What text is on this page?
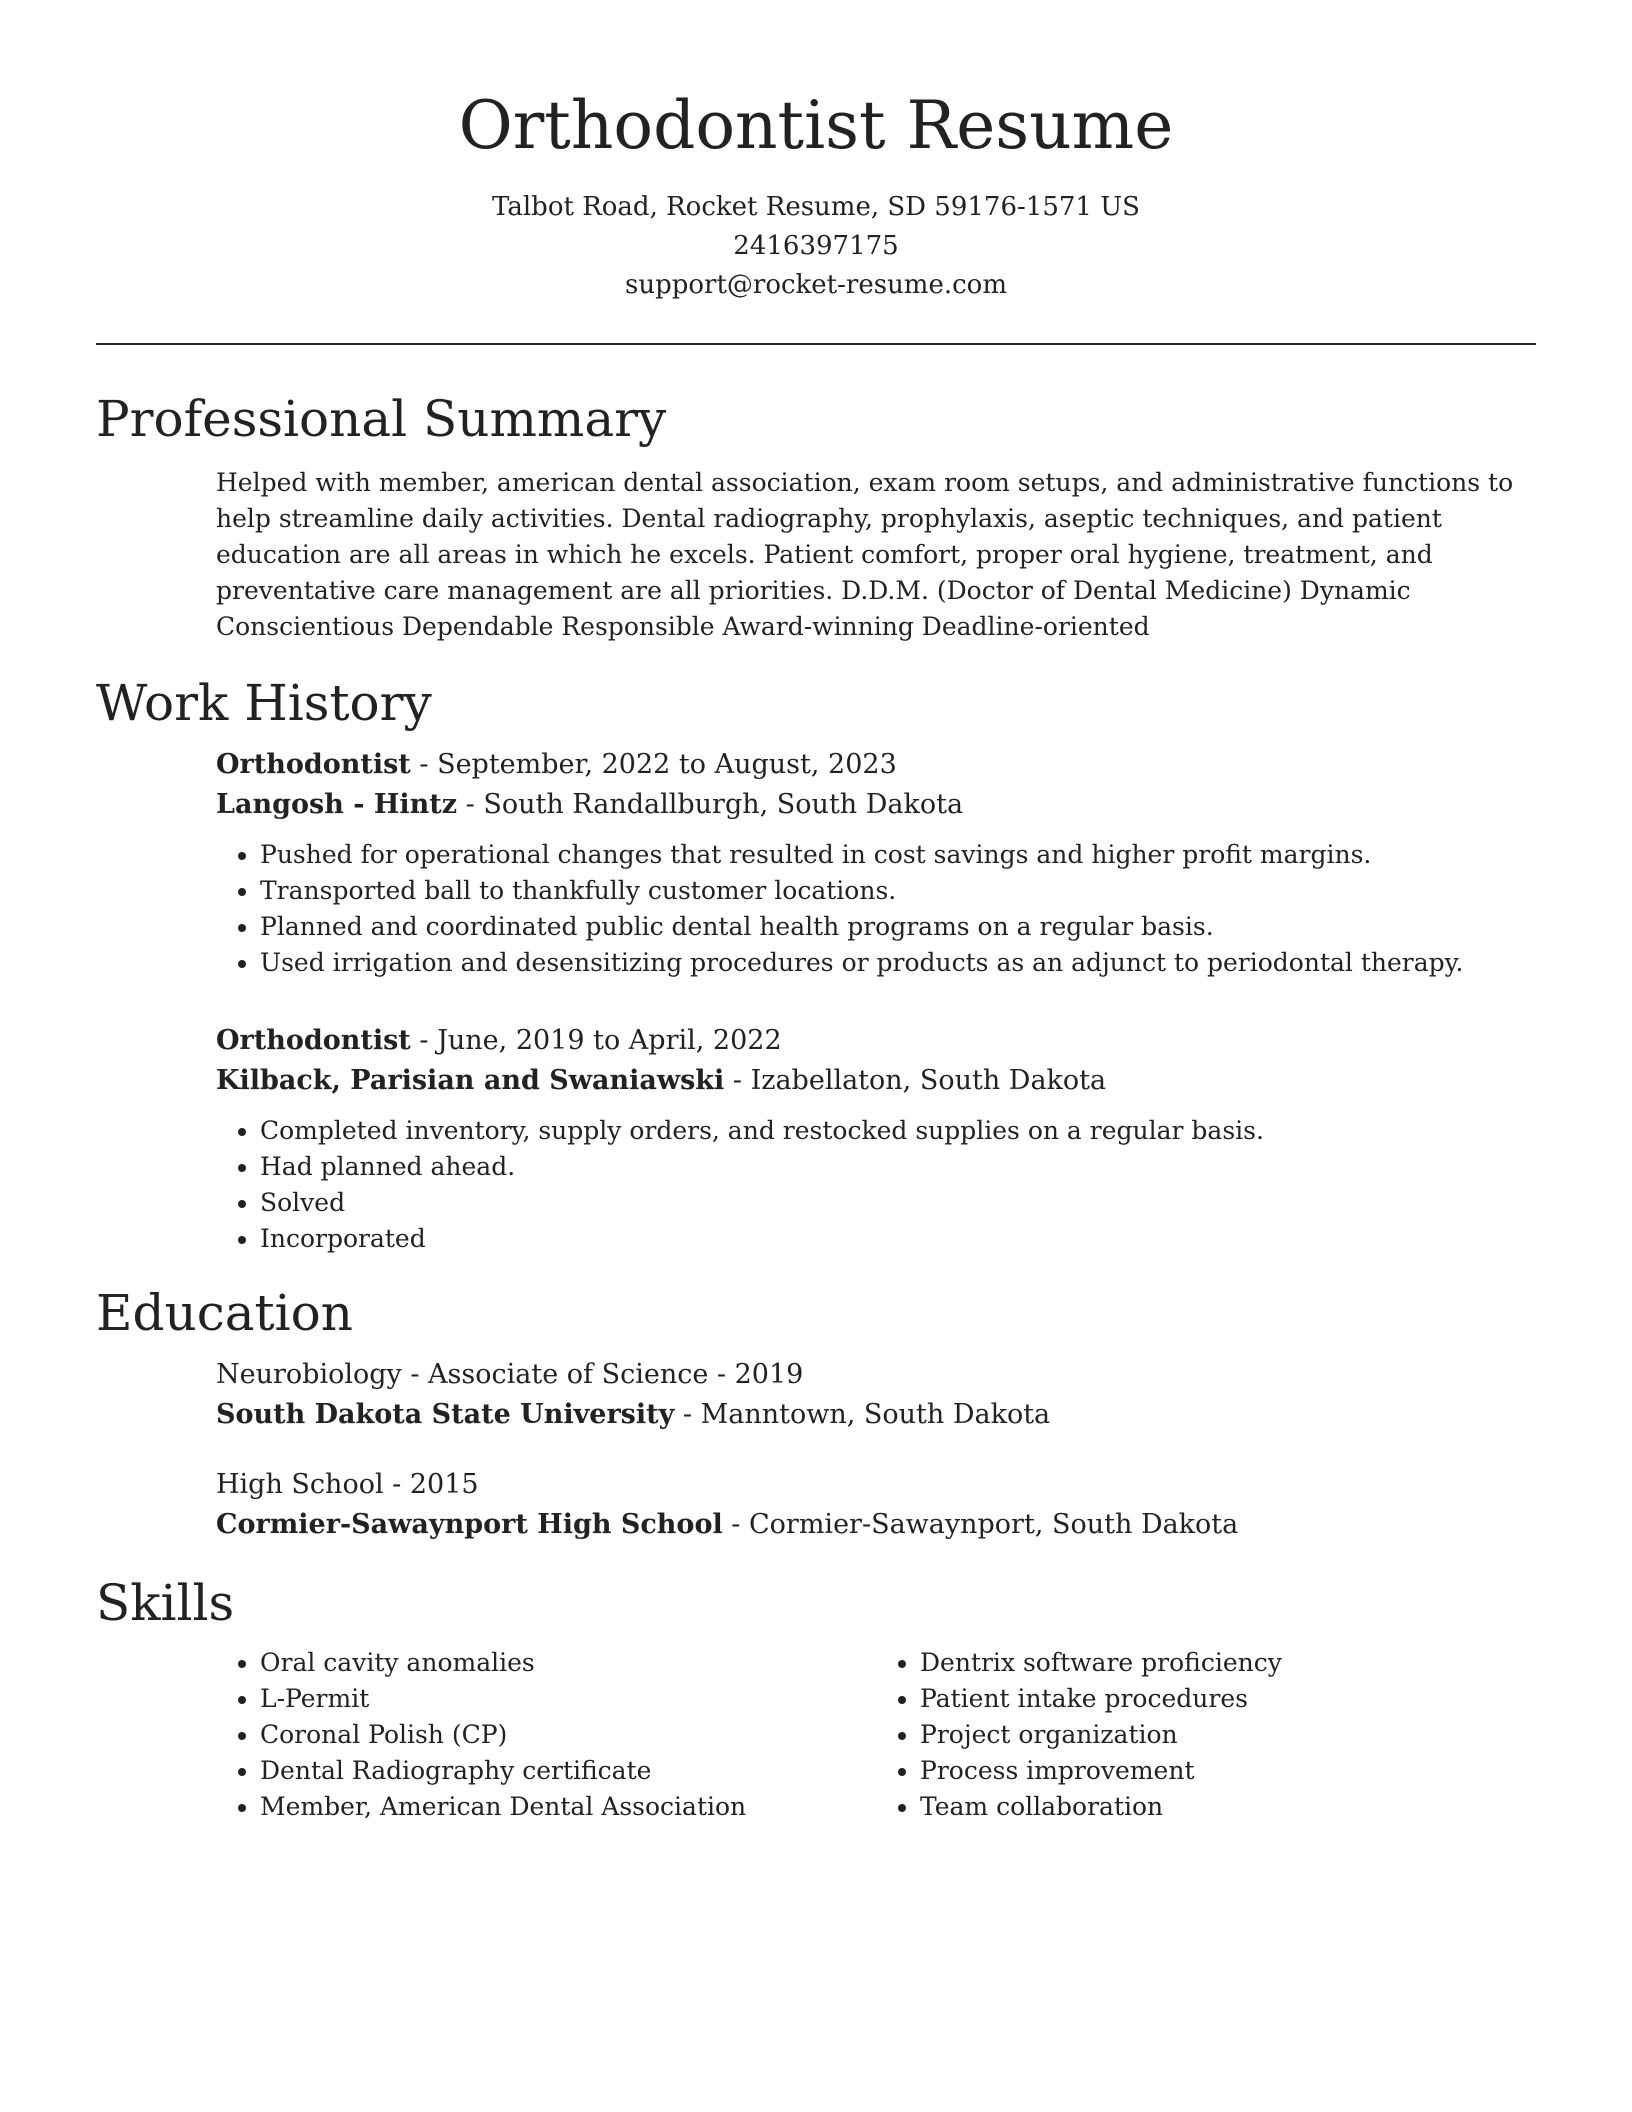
Orthodontist Resume
Talbot Road, Rocket Resume, SD 59176-1571 US
2416397175
support@rocket-resume.com
Professional Summary
Helped with member, american dental association, exam room setups, and administrative functions to help streamline daily activities. Dental radiography, prophylaxis, aseptic techniques, and patient education are all areas in which he excels. Patient comfort, proper oral hygiene, treatment, and preventative care management are all priorities. D.D.M. (Doctor of Dental Medicine) Dynamic Conscientious Dependable Responsible Award-winning Deadline-oriented
Work History
Orthodontist - September, 2022 to August, 2023
Langosh - Hintz - South Randallburgh, South Dakota
• Pushed for operational changes that resulted in cost savings and higher profit margins.
• Transported ball to thankfully customer locations.
• Planned and coordinated public dental health programs on a regular basis.
• Used irrigation and desensitizing procedures or products as an adjunct to periodontal therapy.
Orthodontist - June, 2019 to April, 2022
Kilback, Parisian and Swaniawski - Izabellaton, South Dakota
• Completed inventory, supply orders, and restocked supplies on a regular basis.
• Had planned ahead.
• Solved
• Incorporated
Education
Neurobiology - Associate of Science - 2019
South Dakota State University - Manntown, South Dakota
High School - 2015
Cormier-Sawaynport High School - Cormier-Sawaynport, South Dakota
Skills
• Oral cavity anomalies
• L-Permit
• Coronal Polish (CP)
• Dental Radiography certificate
• Member, American Dental Association
• Dentrix software proficiency
• Patient intake procedures
• Project organization
• Process improvement
• Team collaboration
